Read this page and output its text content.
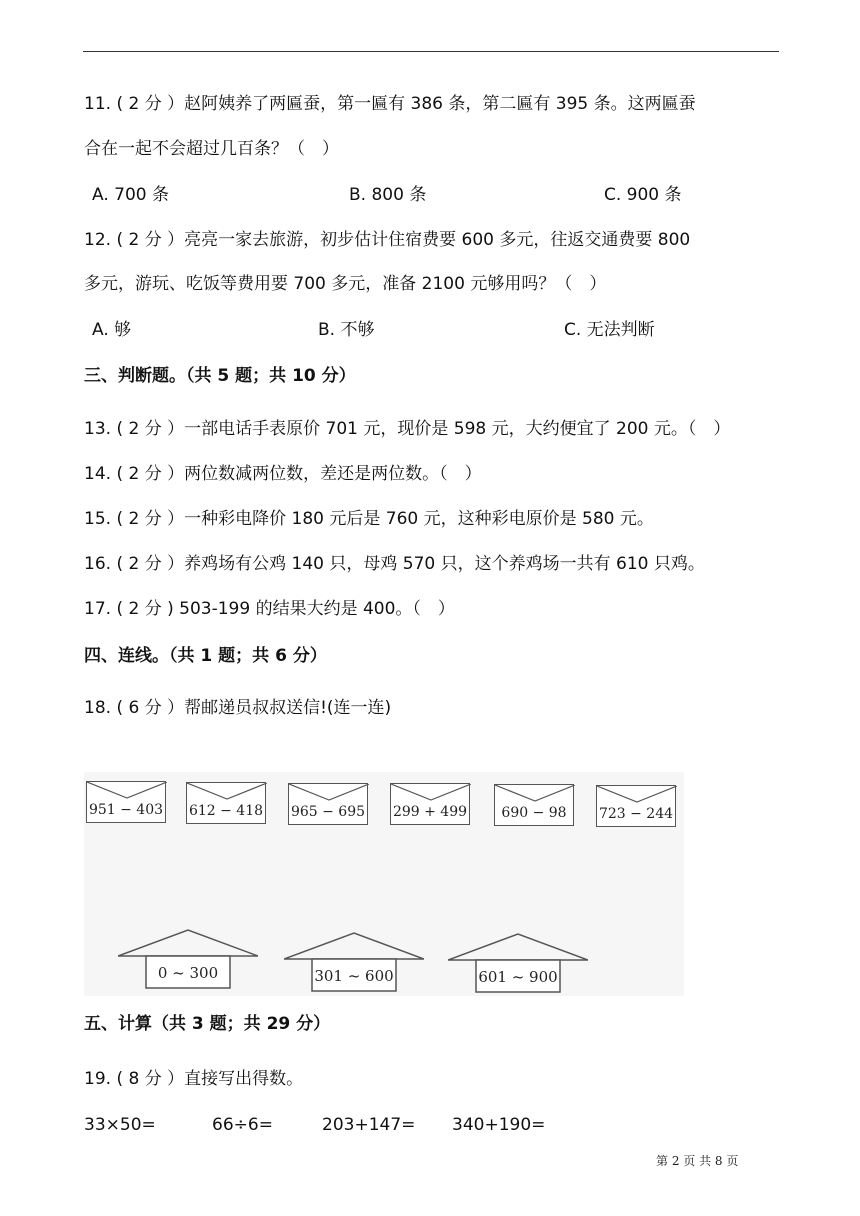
11. ( 2 分 ）赵阿姨养了两匾蚕，第一匾有 386 条，第二匾有 395 条。这两匾蚕
合在一起不会超过几百条？（　）
A. 700 条	B. 800 条	C. 900 条
12. ( 2 分 ）亮亮一家去旅游，初步估计住宿费要 600 多元，往返交通费要 800
多元，游玩、吃饭等费用要 700 多元，准备 2100 元够用吗？（　）
A. 够	B. 不够	C. 无法判断
三、判断题。（共 5 题；共 10 分）
13. ( 2 分 ）一部电话手表原价 701 元，现价是 598 元，大约便宜了 200 元。（　）
14. ( 2 分 ）两位数减两位数，差还是两位数。（　）
15. ( 2 分 ）一种彩电降价 180 元后是 760 元，这种彩电原价是 580 元。
16. ( 2 分 ）养鸡场有公鸡 140 只，母鸡 570 只，这个养鸡场一共有 610 只鸡。
17. ( 2 分 ) 503-199 的结果大约是 400。（　）
四、连线。（共 1 题；共 6 分）
18. ( 6 分 ）帮邮递员叔叔送信!(连一连)
951 − 403 612 − 418 965 − 695 299 + 499	690 − 98	723 − 244
0 ~ 300	301 ~ 600	601 ~ 900
五、计算（共 3 题；共 29 分）
19. ( 8 分 ）直接写出得数。
33×50=	66÷6=	203+147= 340+190=
第 2 页 共 8 页
